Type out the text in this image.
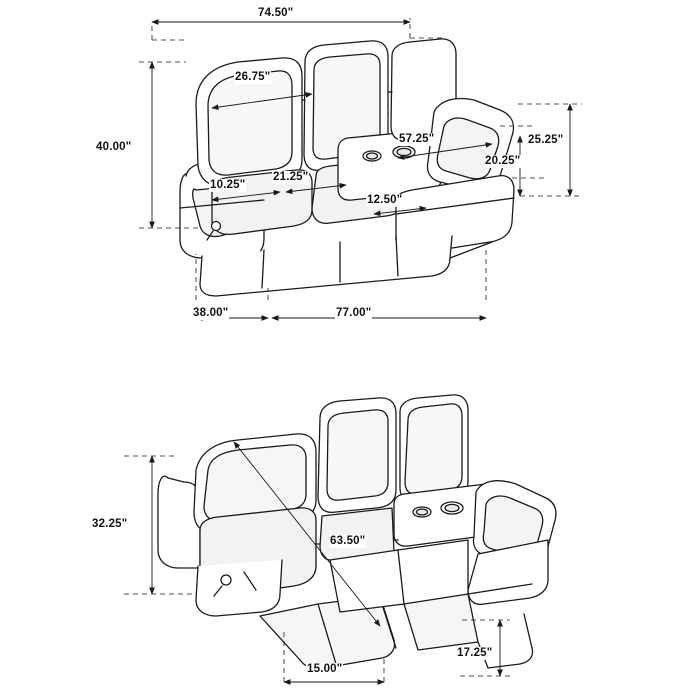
74.50"
26.75"
40.00"
10.25"
21.25"
12.50"
57.25"
20.25"
25.25"
38.00"	77.00"
32.25"
63.50"
15.00"
17.25"
